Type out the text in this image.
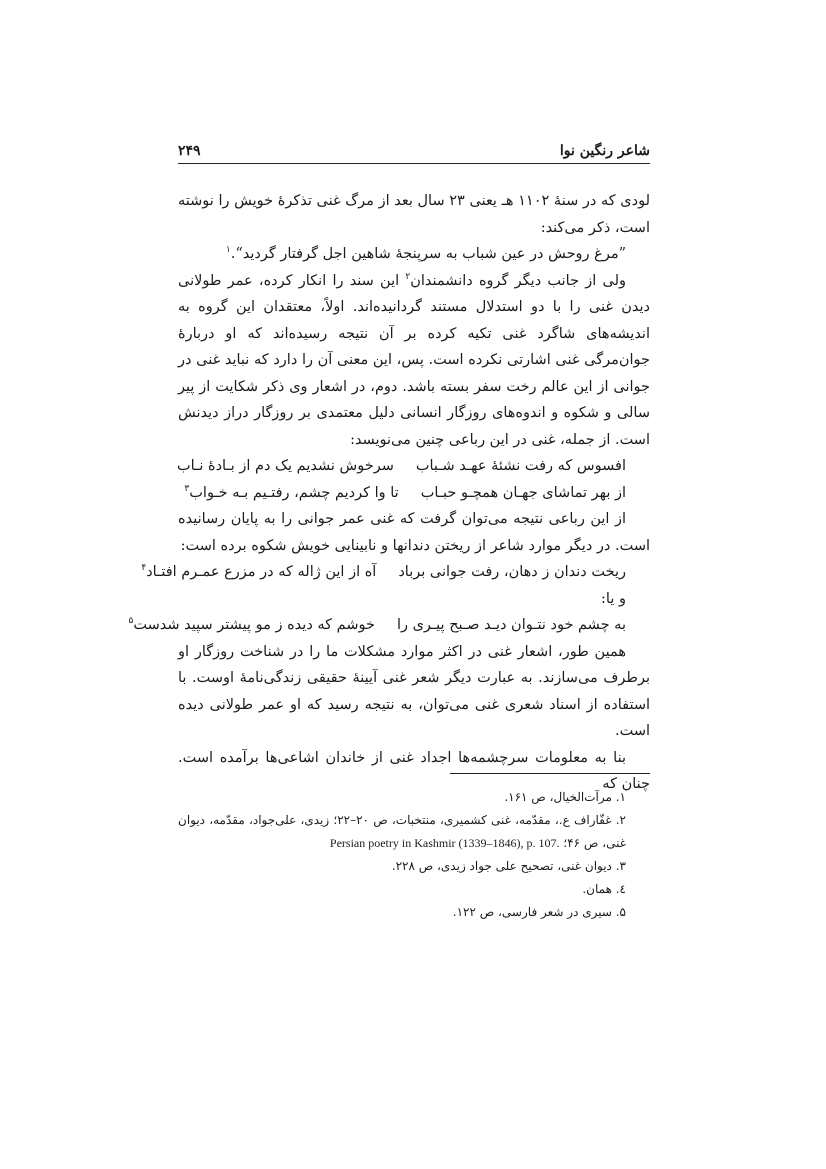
شاعر رنگین نوا
۲۴۹

لودی که در سنهٔ ۱۱۰۲ هـ یعنی ۲۳ سال بعد از مرگ غنی تذکرهٔ خویش را نوشته است، ذکر می‌کند:

”مرغ روحش در عین شباب به سرپنجهٔ شاهین اجل گرفتار گردید“.$^۱$

ولی از جانب دیگر گروه دانشمندان$^۲$ این سند را انکار کرده، عمر طولانی دیدن غنی را با دو استدلال مستند گردانیده‌اند. اولاً، معتقدان این گروه به اندیشه‌های شاگرد غنی تکیه کرده بر آن نتیجه رسیده‌اند که او دربارهٔ جوان‌مرگی غنی اشارتی نکرده است. پس، این معنی آن را دارد که نباید غنی در جوانی از این عالم رخت سفر بسته باشد. دوم، در اشعار وی ذکر شکایت از پیر سالی و شکوه و اندوه‌های روزگار انسانی دلیل معتمدی بر روزگار دراز دیدنش است. از جمله، غنی در این رباعی چنین می‌نویسد:

افسوس که رفت نشئهٔ عهـد شـباب
سرخوش نشدیم یک دم از بـادهٔ نـاب
از بهر تماشای جهـان همچـو حبـاب
تا وا کردیم چشم، رفتـیم بـه خـواب$^۳$

از این رباعی نتیجه می‌توان گرفت که غنی عمر جوانی را به پایان رسانیده است. در دیگر موارد شاعر از ریختن دندانها و نابینایی خویش شکوه برده است:

ریخت دندان ز دهان، رفت جوانی برباد
آه از این ژاله که در مزرع عمـرم افتـاد$^۴$

و یا:

به چشم خود نتـوان دیـد صـبح پیـری را
خوشم که دیده ز مو پیشتر سپید شدست$^۵$

همین طور، اشعار غنی در اکثر موارد مشکلات ما را در شناخت روزگار او برطرف می‌سازند. به عبارت دیگر شعر غنی آیینهٔ حقیقی زندگی‌نامهٔ اوست. با استفاده از اسناد شعری غنی می‌توان، به نتیجه رسید که او عمر طولانی دیده است.

بنا به معلومات سرچشمه‌ها اجداد غنی از خاندان اشاعی‌ها برآمده است. چنان که

۱. مرآت‌الخیال، ص ۱۶۱.
۲. غفّاراف ع.، مقدّمه، غنی کشمیری، منتخبات، ص ۲۰–۲۲؛ زیدی، علی‌جواد، مقدّمه، دیوان غنی، ص ۴۶؛ Persian poetry in Kashmir (1339–1846), p. 107.
۳. دیوان غنی، تصحیح علی جواد زیدی، ص ۲۲۸.
٤. همان.
۵. سیری در شعر فارسی، ص ۱۲۲.
